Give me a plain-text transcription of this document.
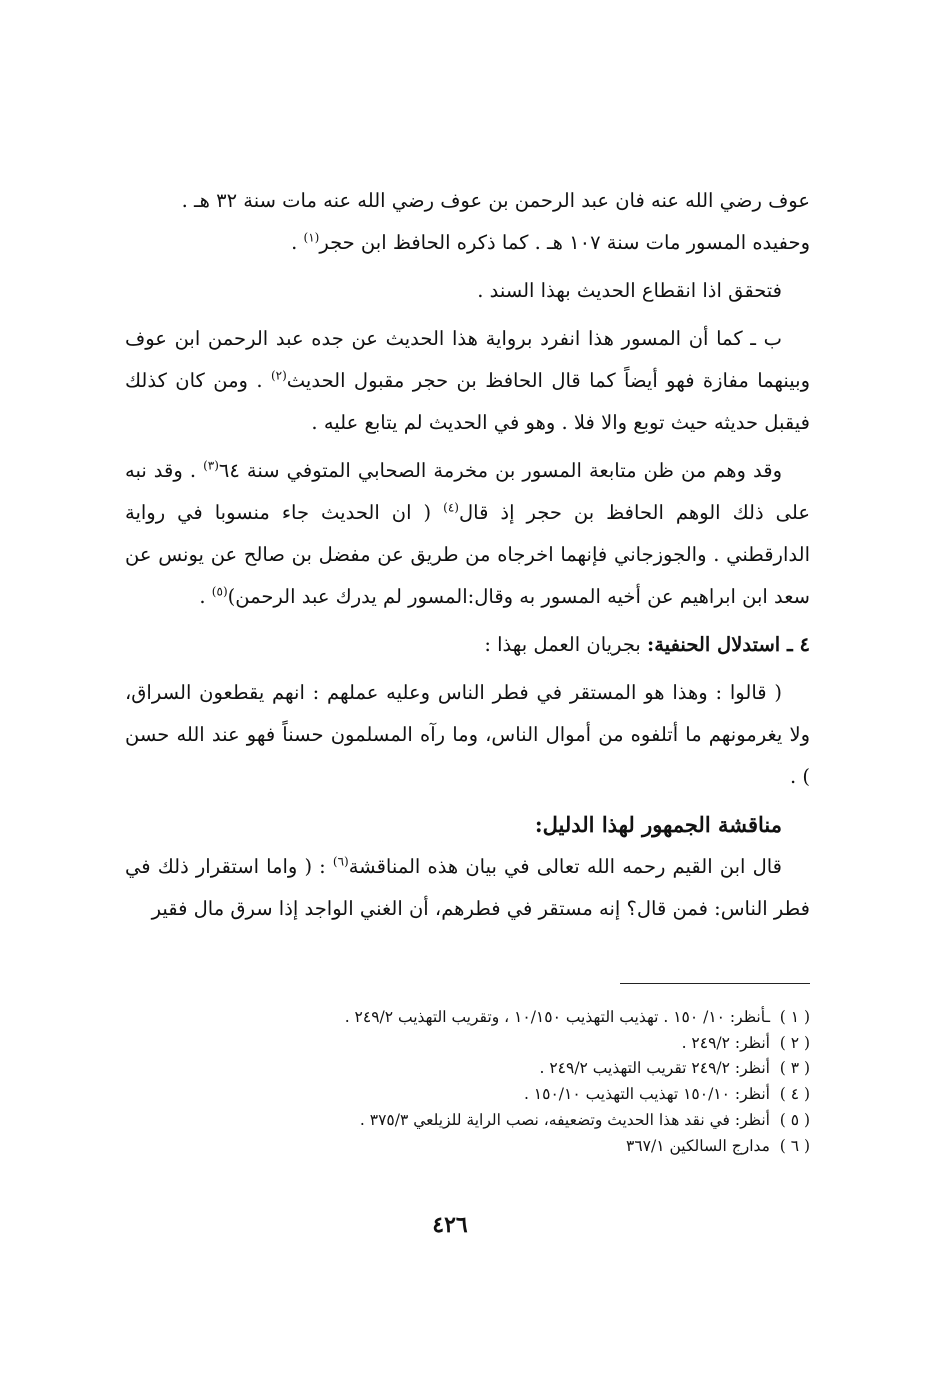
عوف رضي الله عنه فان عبد الرحمن بن عوف رضي الله عنه مات سنة ٣٢ هـ .
وحفيده المسور مات سنة ١٠٧ هـ . كما ذكره الحافظ ابن حجر$^{(١)}$ .

فتحقق اذا انقطاع الحديث بهذا السند .

ب ـ كما أن المسور هذا انفرد برواية هذا الحديث عن جده عبد الرحمن ابن عوف وبينهما مفازة فهو أيضاً كما قال الحافظ بن حجر مقبول الحديث$^{(٢)}$ . ومن كان كذلك فيقبل حديثه حيث توبع والا فلا . وهو في الحديث لم يتابع عليه .

وقد وهم من ظن متابعة المسور بن مخرمة الصحابي المتوفي سنة ٦٤$^{(٣)}$ . وقد نبه على ذلك الوهم الحافظ بن حجر إذ قال$^{(٤)}$ ( ان الحديث جاء منسوبا في رواية الدارقطني . والجوزجاني فإنهما اخرجاه من طريق عن مفضل بن صالح عن يونس عن سعد ابن ابراهيم عن أخيه المسور به وقال:المسور لم يدرك عبد الرحمن)$^{(٥)}$ .

٤ ـ استدلال الحنفية: بجريان العمل بهذا :

( قالوا : وهذا هو المستقر في فطر الناس وعليه عملهم : انهم يقطعون السراق، ولا يغرمونهم ما أتلفوه من أموال الناس، وما رآه المسلمون حسناً فهو عند الله حسن ) .

مناقشة الجمهور لهذا الدليل:

قال ابن القيم رحمه الله تعالى في بيان هذه المناقشة$^{(٦)}$ : ( واما استقرار ذلك في فطر الناس: فمن قال؟ إنه مستقر في فطرهم، أن الغني الواجد إذا سرق مال فقير

( ١ )ـأنظر: ١٠/ ١٥٠ . تهذيب التهذيب ١٠/١٥٠ ، وتقريب التهذيب ٢٤٩/٢ .
( ٢ )أنظر: ٢٤٩/٢ .
( ٣ )أنظر: ٢٤٩/٢ تقريب التهذيب ٢٤٩/٢ .
( ٤ )أنظر: ١٥٠/١٠ تهذيب التهذيب ١٥٠/١٠ .
( ٥ )أنظر: في نقد هذا الحديث وتضعيفه، نصب الراية للزيلعي ٣٧٥/٣ .
( ٦ )مدارج السالكين ٣٦٧/١
٤٢٦
